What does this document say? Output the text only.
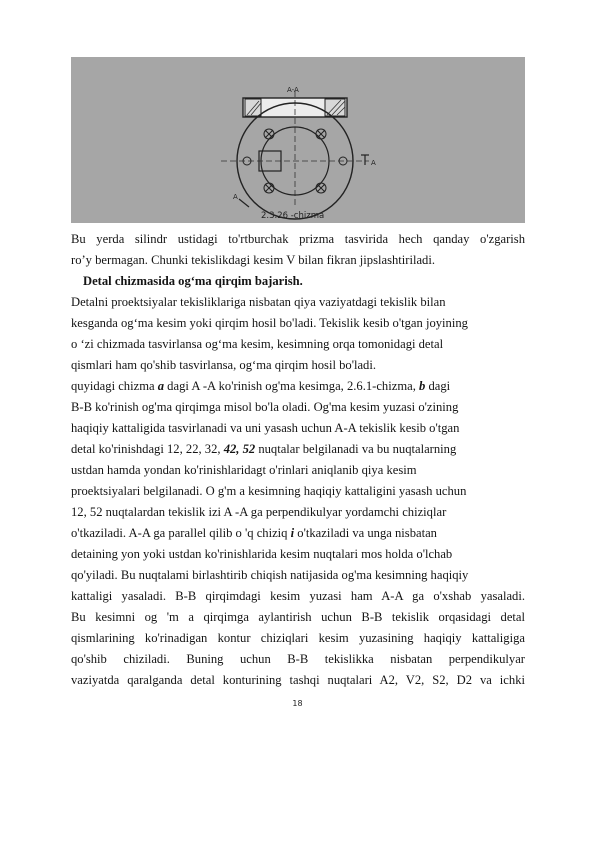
A-A
A
A
2.3.26 -chizma
Bu yerda silindr ustidagi to'rtburchak prizma tasvirida hech qanday o'zgarish
ro’y bermagan. Chunki tekislikdagi kesim V bilan fikran jipslashtiriladi.
Detal chizmasida og‘ma qirqim bajarish.
Detalni proektsiyalar tekisliklariga nisbatan qiya vaziyatdagi tekislik bilan
kesganda og‘ma kesim yoki qirqim hosil bo'ladi. Tekislik kesib o'tgan joyining
o ‘zi chizmada tasvirlansa og‘ma kesim, kesimning orqa tomonidagi detal
qismlari ham qo'shib tasvirlansa, og‘ma qirqim hosil bo'ladi.
quyidagi chizma a dagi A -A ko'rinish og'ma kesimga, 2.6.1-chizma, b dagi
B-B ko'rinish og'ma qirqimga misol bo'la oladi. Og'ma kesim yuzasi o'zining
haqiqiy kattaligida tasvirlanadi va uni yasash uchun A-A tekislik kesib o'tgan
detal ko'rinishdagi 12, 22, 32, 42, 52 nuqtalar belgilanadi va bu nuqtalarning
ustdan hamda yondan ko'rinishlaridagt o'rinlari aniqlanib qiya kesim
proektsiyalari belgilanadi. O g'm a kesimning haqiqiy kattaligini yasash uchun
12, 52 nuqtalardan tekislik izi A -A ga perpendikulyar yordamchi chiziqlar
o'tkaziladi. A-A ga parallel qilib o 'q chiziq i o'tkaziladi va unga nisbatan
detaining yon yoki ustdan ko'rinishlarida kesim nuqtalari mos holda o'lchab
qo'yiladi. Bu nuqtalami birlashtirib chiqish natijasida og'ma kesimning haqiqiy
kattaligi yasaladi. B-B qirqimdagi kesim yuzasi ham A-A ga o'xshab yasaladi.
Bu kesimni og 'm a qirqimga aylantirish uchun B-B tekislik orqasidagi detal
qismlarining ko'rinadigan kontur chiziqlari kesim yuzasining haqiqiy kattaligiga
qo'shib chiziladi. Buning uchun B-B tekislikka nisbatan perpendikulyar
vaziyatda qaralganda detal konturining tashqi nuqtalari A2, V2, S2, D2 va ichki
18
